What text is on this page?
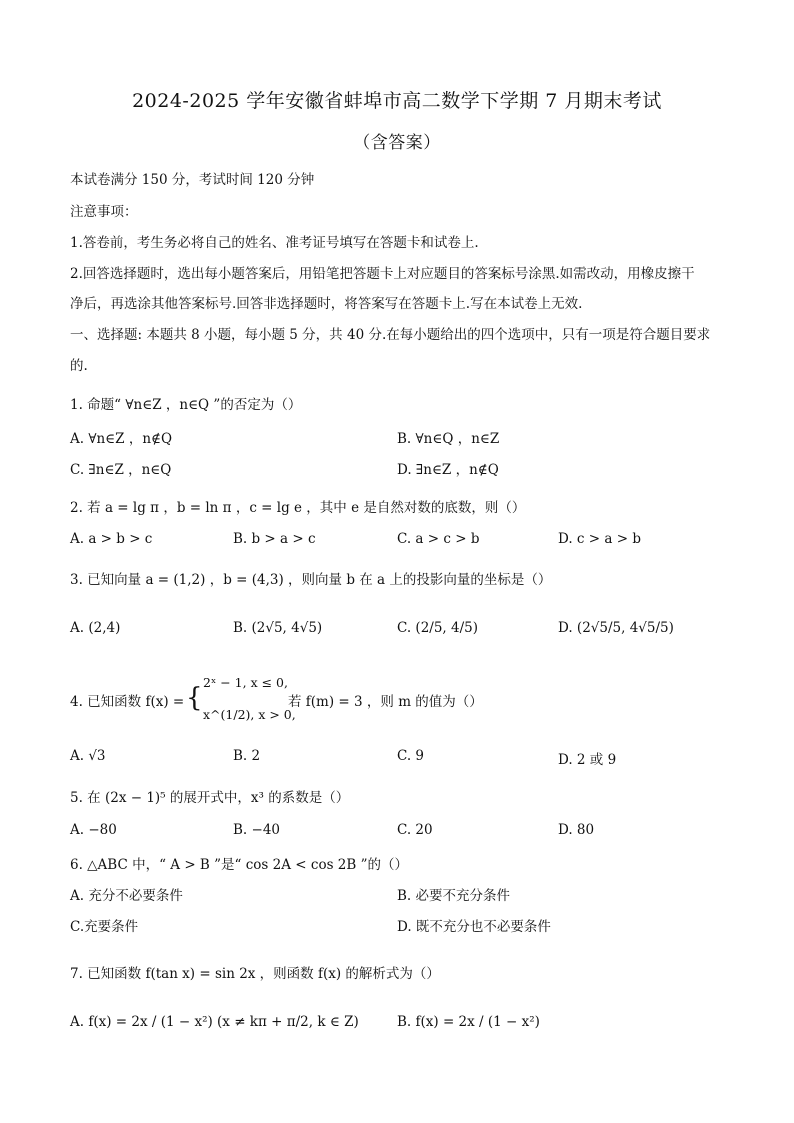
2024-2025 学年安徽省蚌埠市高二数学下学期 7 月期末考试
（含答案）
本试卷满分 150 分，考试时间 120 分钟
注意事项：
1.答卷前，考生务必将自己的姓名、准考证号填写在答题卡和试卷上.
2.回答选择题时，选出每小题答案后，用铅笔把答题卡上对应题目的答案标号涂黑.如需改动，用橡皮擦干
净后，再选涂其他答案标号.回答非选择题时，将答案写在答题卡上.写在本试卷上无效.
一、选择题: 本题共 8 小题，每小题 5 分，共 40 分.在每小题给出的四个选项中，只有一项是符合题目要求
的.
1. 命题“ ∀n∈Z ，n∈Q ”的否定为（）
A. ∀n∈Z ，n∉Q	B. ∀n∈Q ，n∈Z
C. ∃n∈Z ，n∈Q	D. ∃n∈Z ，n∉Q
2. 若 a = lg π ，b = ln π ，c = lg e ，其中 e 是自然对数的底数，则（）
A. a > b > c	B. b > a > c	C. a > c > b	D. c > a > b
3. 已知向量 a = (1,2) ，b = (4,3) ，则向量 b 在 a 上的投影向量的坐标是（）
A. (2,4)	B. (2√5, 4√5)	C. (2/5, 4/5)	D. (2√5/5, 4√5/5)
4. 已知函数 f(x) = {
2ˣ − 1, x ≤ 0,
x^(1/2), x > 0,
若 f(m) = 3 ，则 m 的值为（）
A. √3	B. 2	C. 9	D. 2 或 9
5. 在 (2x − 1)⁵ 的展开式中，x³ 的系数是（）
A. −80	B. −40	C. 20	D. 80
6. △ABC 中，“ A > B ”是“ cos 2A < cos 2B ”的（）
A. 充分不必要条件	B. 必要不充分条件
C.充要条件	D. 既不充分也不必要条件
7. 已知函数 f(tan x) = sin 2x ，则函数 f(x) 的解析式为（）
A. f(x) = 2x / (1 − x²) (x ≠ kπ + π/2, k ∈ Z)	B. f(x) = 2x / (1 − x²)
